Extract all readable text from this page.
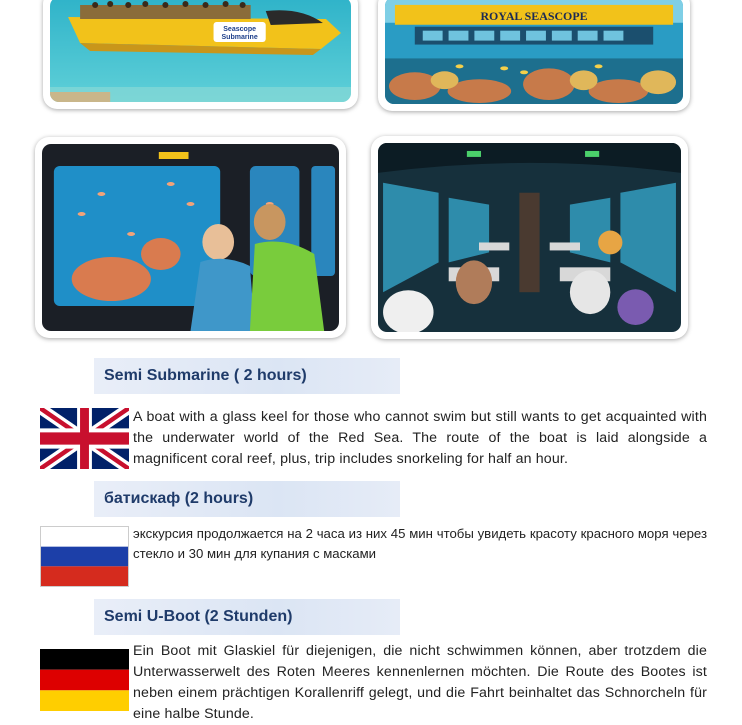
Seascope
Submarine
ROYAL SEASCOPE
Semi Submarine ( 2 hours)
A boat with a glass keel for those who cannot swim but still wants to get acquainted with the underwater world of the Red Sea. The route of the boat is laid alongside a magnificent coral reef, plus, trip includes snorkeling for half an hour.
батискаф (2 hours)
экскурсия продолжается на 2 часа из них 45 мин чтобы увидеть красоту красного моря через стекло и 30 мин для купания с масками
Semi U-Boot (2 Stunden)
Ein Boot mit Glaskiel für diejenigen, die nicht schwimmen können, aber trotzdem die Unterwasserwelt des Roten Meeres kennenlernen möchten. Die Route des Bootes ist neben einem prächtigen Korallenriff gelegt, und die Fahrt beinhaltet das Schnorcheln für eine halbe Stunde.
